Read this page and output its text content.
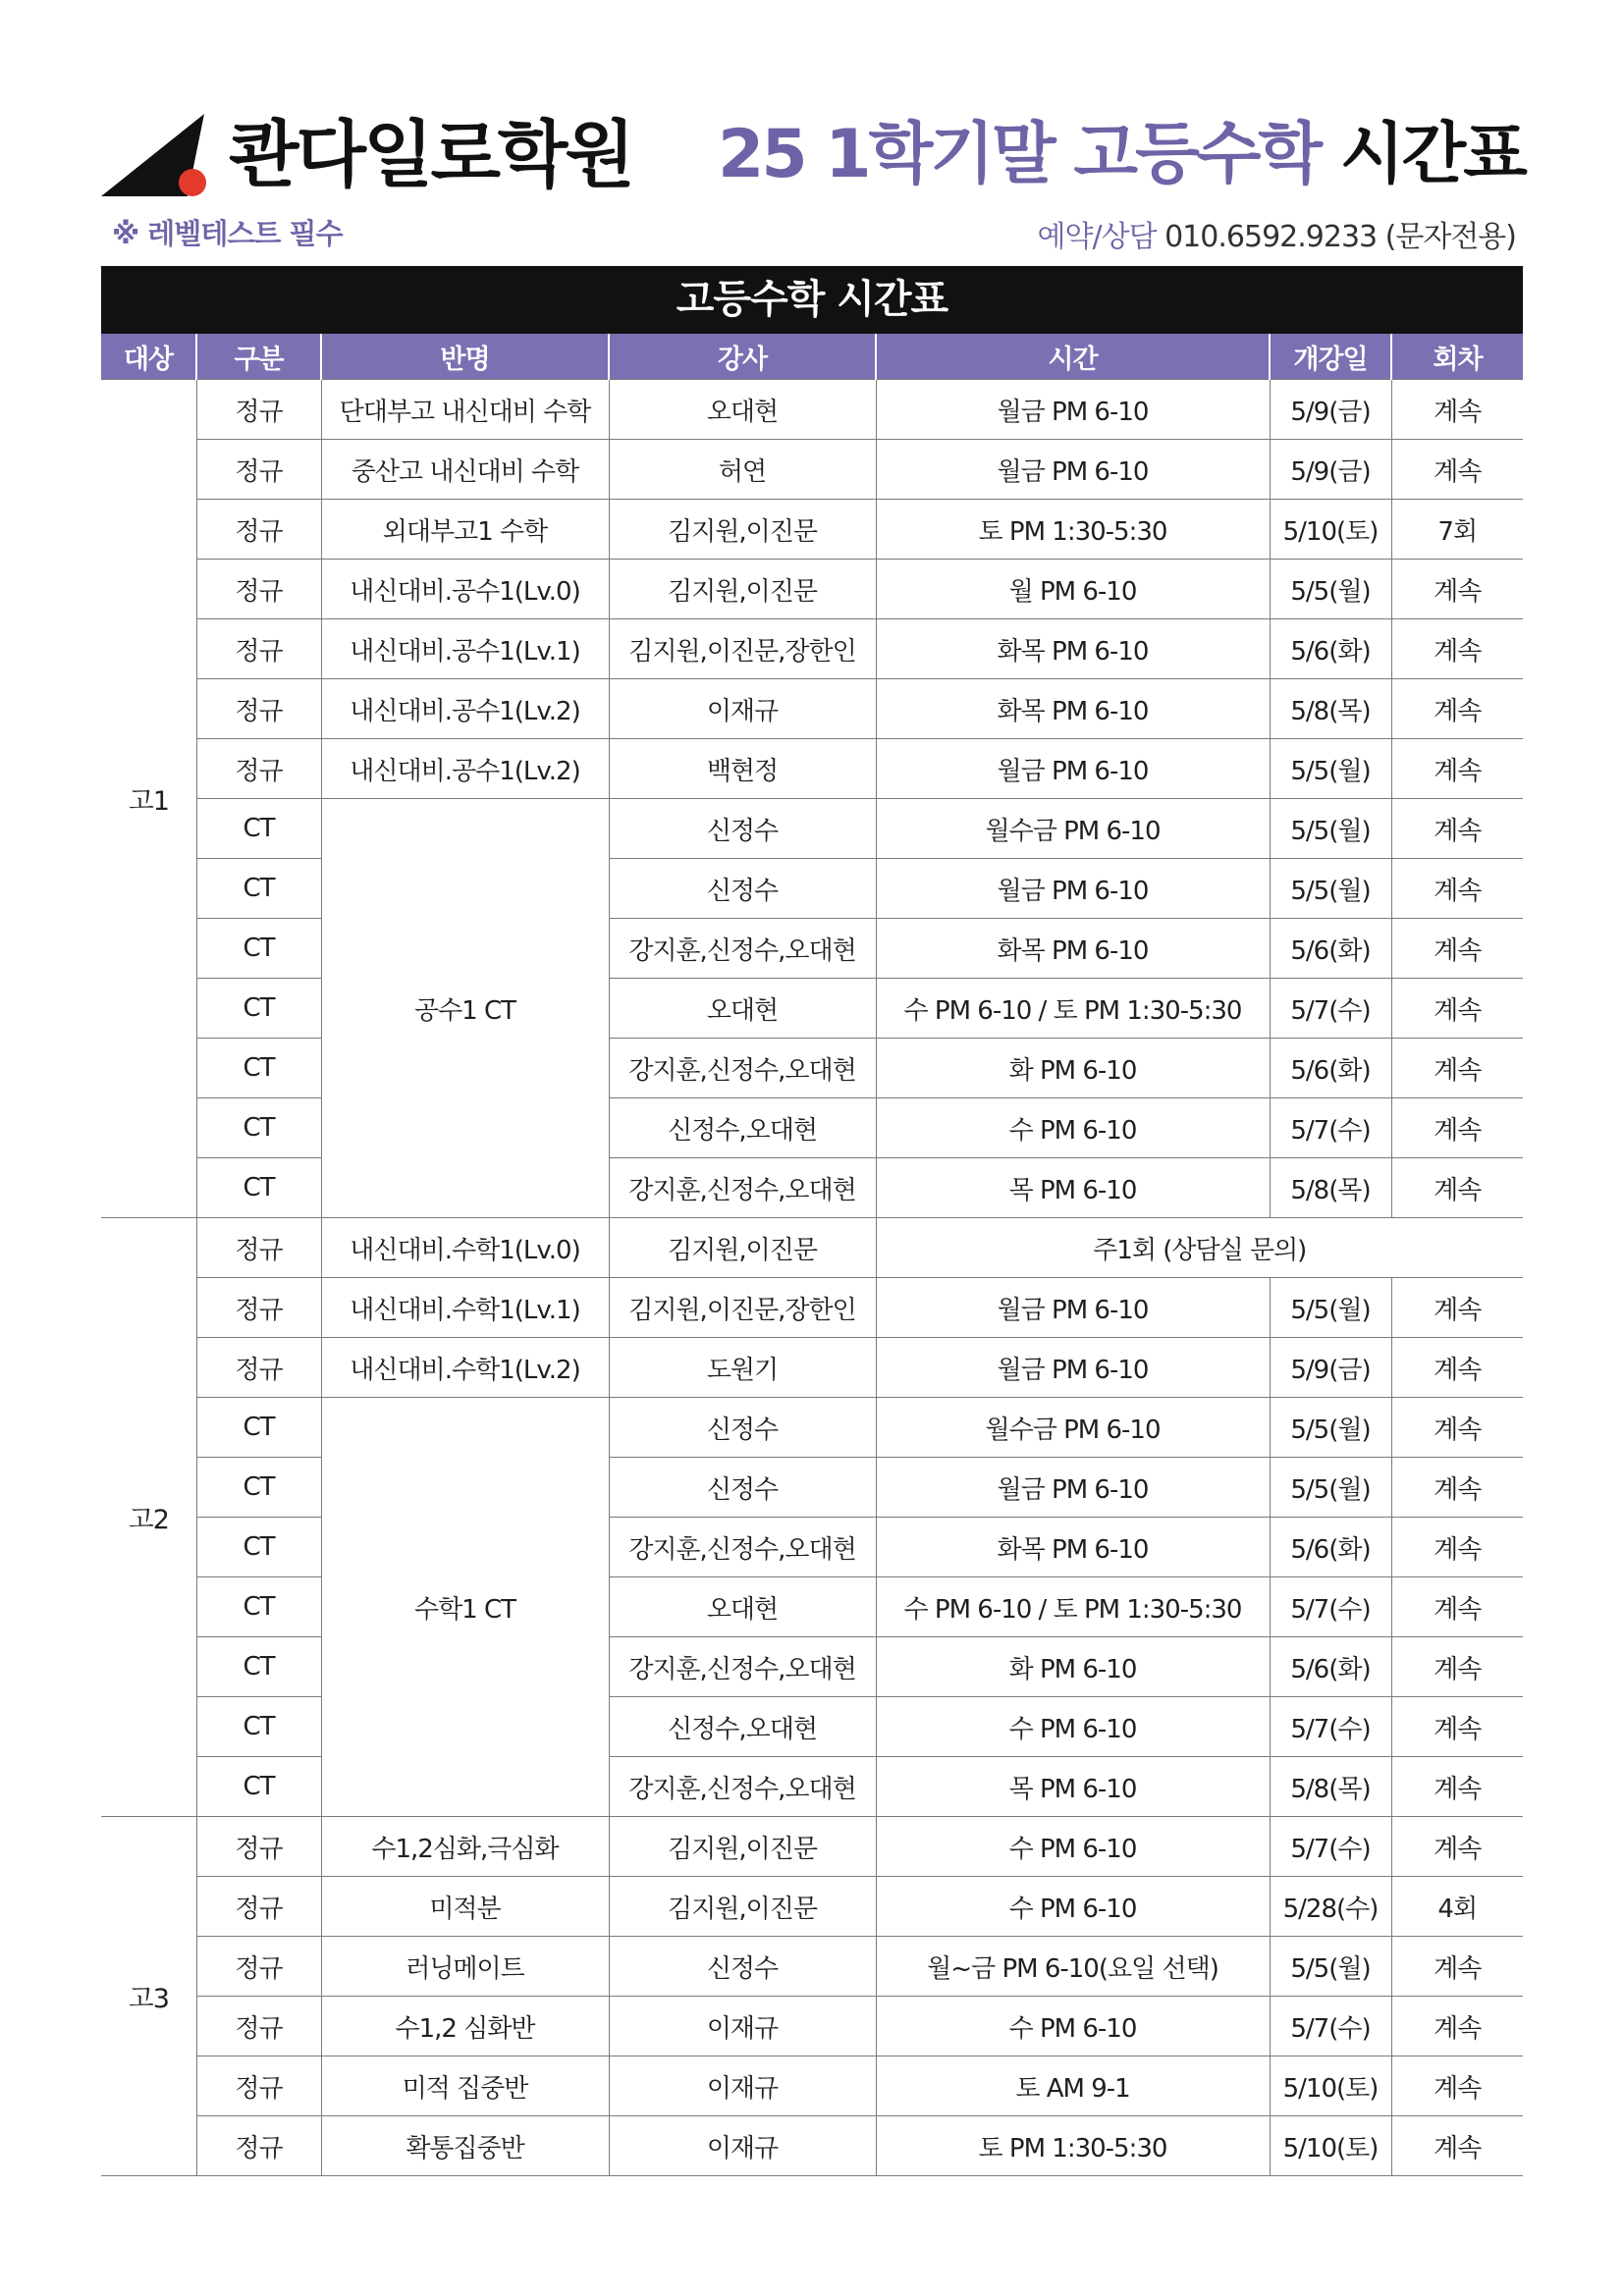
콴다일로학원 25 1학기말 고등수학 시간표
※ 레벨테스트 필수	예약/상담 010.6592.9233 (문자전용)
고등수학 시간표
대상	구분	반명	강사	시간	개강일	회차
고1	정규	단대부고 내신대비 수학	오대현	월금 PM 6-10	5/9(금)	계속
	정규	중산고 내신대비 수학	허연	월금 PM 6-10	5/9(금)	계속
	정규	외대부고1 수학	김지원,이진문	토 PM 1:30-5:30	5/10(토)	7회
	정규	내신대비.공수1(Lv.0)	김지원,이진문	월 PM 6-10	5/5(월)	계속
	정규	내신대비.공수1(Lv.1)	김지원,이진문,장한인	화목 PM 6-10	5/6(화)	계속
	정규	내신대비.공수1(Lv.2)	이재규	화목 PM 6-10	5/8(목)	계속
	정규	내신대비.공수1(Lv.2)	백현정	월금 PM 6-10	5/5(월)	계속
	CT	공수1 CT	신정수	월수금 PM 6-10	5/5(월)	계속
	CT		신정수	월금 PM 6-10	5/5(월)	계속
	CT		강지훈,신정수,오대현	화목 PM 6-10	5/6(화)	계속
	CT		오대현	수 PM 6-10 / 토 PM 1:30-5:30	5/7(수)	계속
	CT		강지훈,신정수,오대현	화 PM 6-10	5/6(화)	계속
	CT		신정수,오대현	수 PM 6-10	5/7(수)	계속
	CT		강지훈,신정수,오대현	목 PM 6-10	5/8(목)	계속
고2	정규	내신대비.수학1(Lv.0)	김지원,이진문	주1회 (상담실 문의)		
	정규	내신대비.수학1(Lv.1)	김지원,이진문,장한인	월금 PM 6-10	5/5(월)	계속
	정규	내신대비.수학1(Lv.2)	도원기	월금 PM 6-10	5/9(금)	계속
	CT	수학1 CT	신정수	월수금 PM 6-10	5/5(월)	계속
	CT		신정수	월금 PM 6-10	5/5(월)	계속
	CT		강지훈,신정수,오대현	화목 PM 6-10	5/6(화)	계속
	CT		오대현	수 PM 6-10 / 토 PM 1:30-5:30	5/7(수)	계속
	CT		강지훈,신정수,오대현	화 PM 6-10	5/6(화)	계속
	CT		신정수,오대현	수 PM 6-10	5/7(수)	계속
	CT		강지훈,신정수,오대현	목 PM 6-10	5/8(목)	계속
고3	정규	수1,2심화,극심화	김지원,이진문	수 PM 6-10	5/7(수)	계속
	정규	미적분	김지원,이진문	수 PM 6-10	5/28(수)	4회
	정규	러닝메이트	신정수	월~금 PM 6-10(요일 선택)	5/5(월)	계속
	정규	수1,2 심화반	이재규	수 PM 6-10	5/7(수)	계속
	정규	미적 집중반	이재규	토 AM 9-1	5/10(토)	계속
	정규	확통집중반	이재규	토 PM 1:30-5:30	5/10(토)	계속
